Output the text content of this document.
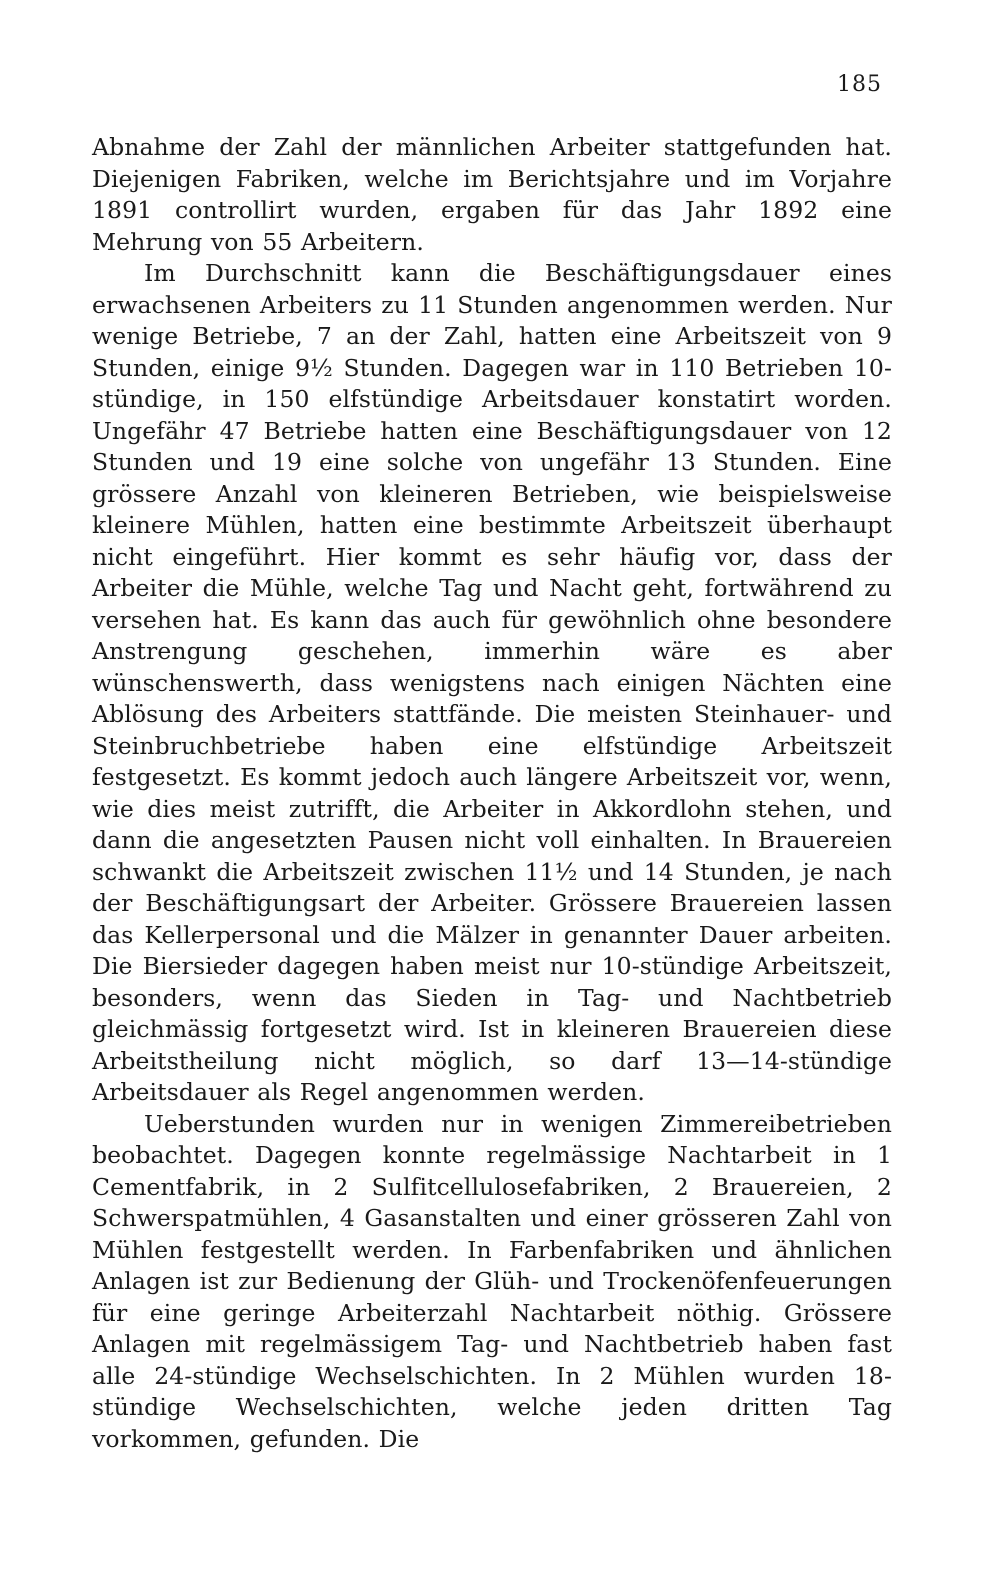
185

Abnahme der Zahl der männlichen Arbeiter stattgefunden hat. Diejenigen Fabriken, welche im Berichtsjahre und im Vorjahre 1891 controllirt wurden, ergaben für das Jahr 1892 eine Mehrung von 55 Arbeitern.

Im Durchschnitt kann die Beschäftigungsdauer eines erwachsenen Arbeiters zu 11 Stunden angenommen werden. Nur wenige Betriebe, 7 an der Zahl, hatten eine Arbeitszeit von 9 Stunden, einige 9½ Stunden. Dagegen war in 110 Betrieben 10-stündige, in 150 elfstündige Arbeitsdauer konstatirt worden. Ungefähr 47 Betriebe hatten eine Beschäftigungsdauer von 12 Stunden und 19 eine solche von ungefähr 13 Stunden. Eine grössere Anzahl von kleineren Betrieben, wie beispielsweise kleinere Mühlen, hatten eine bestimmte Arbeitszeit überhaupt nicht eingeführt. Hier kommt es sehr häufig vor, dass der Arbeiter die Mühle, welche Tag und Nacht geht, fortwährend zu versehen hat. Es kann das auch für gewöhnlich ohne besondere Anstrengung geschehen, immerhin wäre es aber wünschenswerth, dass wenigstens nach einigen Nächten eine Ablösung des Arbeiters stattfände. Die meisten Steinhauer- und Steinbruchbetriebe haben eine elfstündige Arbeitszeit festgesetzt. Es kommt jedoch auch längere Arbeitszeit vor, wenn, wie dies meist zutrifft, die Arbeiter in Akkordlohn stehen, und dann die angesetzten Pausen nicht voll einhalten. In Brauereien schwankt die Arbeitszeit zwischen 11½ und 14 Stunden, je nach der Beschäftigungsart der Arbeiter. Grössere Brauereien lassen das Kellerpersonal und die Mälzer in genannter Dauer arbeiten. Die Biersieder dagegen haben meist nur 10-stündige Arbeitszeit, besonders, wenn das Sieden in Tag- und Nachtbetrieb gleichmässig fortgesetzt wird. Ist in kleineren Brauereien diese Arbeitstheilung nicht möglich, so darf 13—14-stündige Arbeitsdauer als Regel angenommen werden.

Ueberstunden wurden nur in wenigen Zimmereibetrieben beobachtet. Dagegen konnte regelmässige Nachtarbeit in 1 Cementfabrik, in 2 Sulfitcellulosefabriken, 2 Brauereien, 2 Schwerspatmühlen, 4 Gasanstalten und einer grösseren Zahl von Mühlen festgestellt werden. In Farbenfabriken und ähnlichen Anlagen ist zur Bedienung der Glüh- und Trockenöfenfeuerungen für eine geringe Arbeiterzahl Nachtarbeit nöthig. Grössere Anlagen mit regelmässigem Tag- und Nachtbetrieb haben fast alle 24-stündige Wechselschichten. In 2 Mühlen wurden 18-stündige Wechselschichten, welche jeden dritten Tag vorkommen, gefunden. Die
